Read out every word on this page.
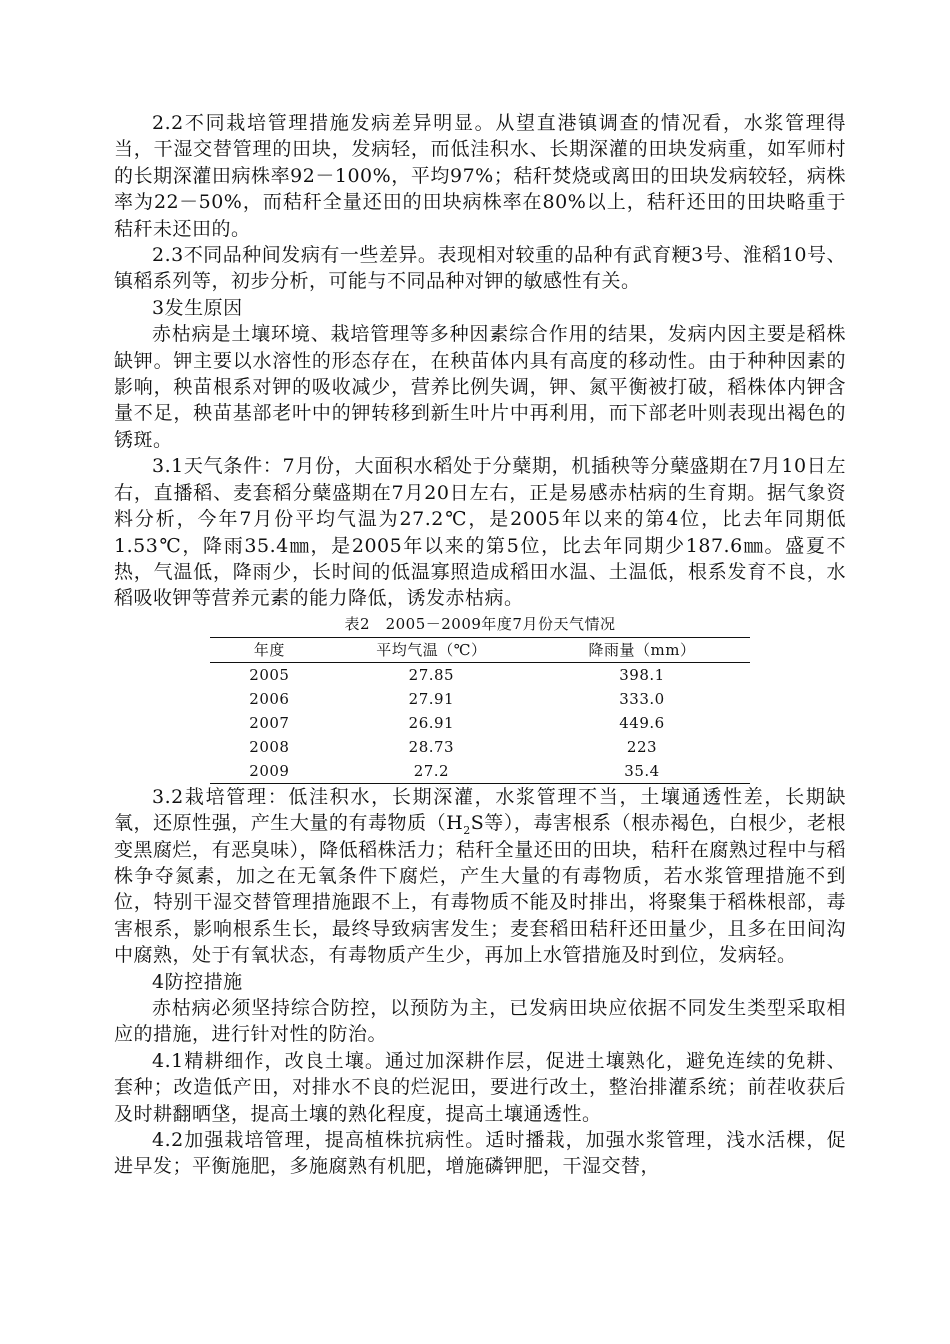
2.2不同栽培管理措施发病差异明显。从望直港镇调查的情况看，水浆管理得当，干湿交替管理的田块，发病轻，而低洼积水、长期深灌的田块发病重，如军师村的长期深灌田病株率92－100%，平均97%；秸秆焚烧或离田的田块发病较轻，病株率为22－50%，而秸秆全量还田的田块病株率在80%以上，秸秆还田的田块略重于秸秆未还田的。

2.3不同品种间发病有一些差异。表现相对较重的品种有武育粳3号、淮稻10号、镇稻系列等，初步分析，可能与不同品种对钾的敏感性有关。

3发生原因

赤枯病是土壤环境、栽培管理等多种因素综合作用的结果，发病内因主要是稻株缺钾。钾主要以水溶性的形态存在，在秧苗体内具有高度的移动性。由于种种因素的影响，秧苗根系对钾的吸收减少，营养比例失调，钾、氮平衡被打破，稻株体内钾含量不足，秧苗基部老叶中的钾转移到新生叶片中再利用，而下部老叶则表现出褐色的锈斑。

3.1天气条件：7月份，大面积水稻处于分蘖期，机插秧等分蘖盛期在7月10日左右，直播稻、麦套稻分蘖盛期在7月20日左右，正是易感赤枯病的生育期。据气象资料分析，今年7月份平均气温为27.2℃，是2005年以来的第4位，比去年同期低1.53℃，降雨35.4㎜，是2005年以来的第5位，比去年同期少187.6㎜。盛夏不热，气温低，降雨少，长时间的低温寡照造成稻田水温、土温低，根系发育不良，水稻吸收钾等营养元素的能力降低，诱发赤枯病。

表2　2005－2009年度7月份天气情况
年度	平均气温（℃）	降雨量（mm）
2005	27.85	398.1
2006	27.91	333.0
2007	26.91	449.6
2008	28.73	223
2009	27.2	35.4

3.2栽培管理：低洼积水，长期深灌，水浆管理不当，土壤通透性差，长期缺氧，还原性强，产生大量的有毒物质（$H_2S$等），毒害根系（根赤褐色，白根少，老根变黑腐烂，有恶臭味），降低稻株活力；秸秆全量还田的田块，秸秆在腐熟过程中与稻株争夺氮素，加之在无氧条件下腐烂，产生大量的有毒物质，若水浆管理措施不到位，特别干湿交替管理措施跟不上，有毒物质不能及时排出，将聚集于稻株根部，毒害根系，影响根系生长，最终导致病害发生；麦套稻田秸秆还田量少，且多在田间沟中腐熟，处于有氧状态，有毒物质产生少，再加上水管措施及时到位，发病轻。

4防控措施

赤枯病必须坚持综合防控，以预防为主，已发病田块应依据不同发生类型采取相应的措施，进行针对性的防治。

4.1精耕细作，改良土壤。通过加深耕作层，促进土壤熟化，避免连续的免耕、套种；改造低产田，对排水不良的烂泥田，要进行改土，整治排灌系统；前茬收获后及时耕翻晒垡，提高土壤的熟化程度，提高土壤通透性。

4.2加强栽培管理，提高植株抗病性。适时播栽，加强水浆管理，浅水活棵，促进早发；平衡施肥，多施腐熟有机肥，增施磷钾肥，干湿交替，
